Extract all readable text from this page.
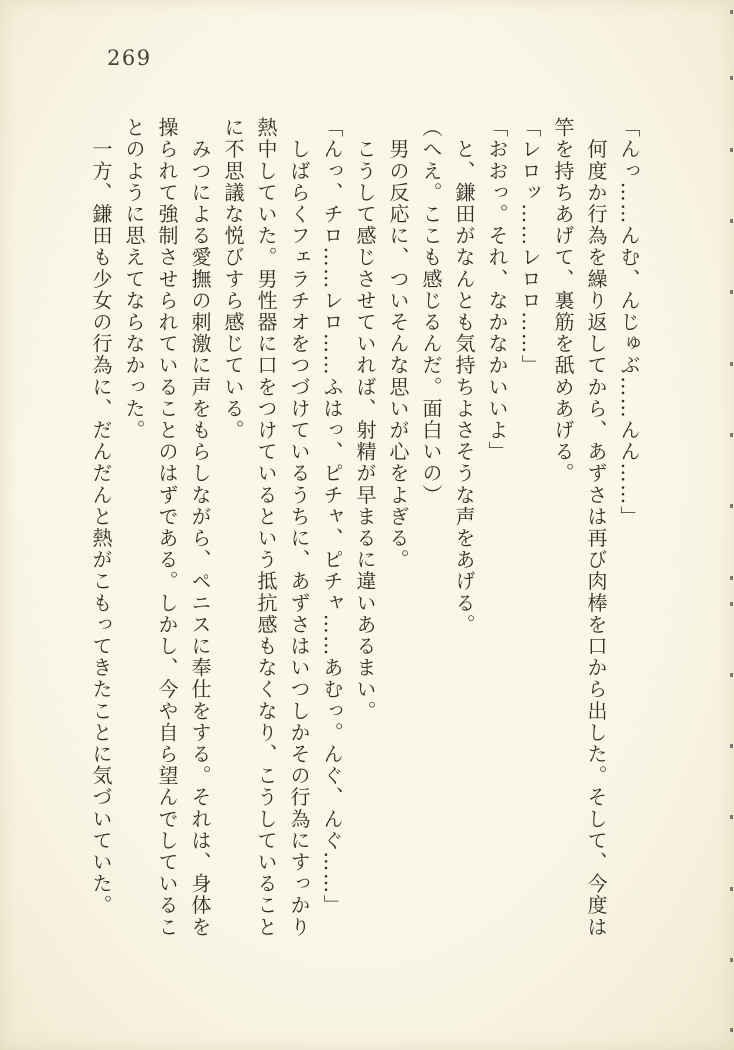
269

「んっ……んむ、んじゅぶ……んん……」

　何度か行為を繰り返してから、あずさは再び肉棒を口から出した。そして、今度は

竿を持ちあげて、裏筋を舐めあげる。

「レロッ……レロロ……」

「おおっ。それ、なかなかいいよ」

　と、鎌田がなんとも気持ちよさそうな声をあげる。

（へえ。ここも感じるんだ。面白いの）

　男の反応に、ついそんな思いが心をよぎる。

　こうして感じさせていれば、射精が早まるに違いあるまい。

「んっ、チロ……レロ……ふはっ、ピチャ、ピチャ……あむっ。んぐ、んぐ……」

　しばらくフェラチオをつづけているうちに、あずさはいつしかその行為にすっかり

熱中していた。男性器に口をつけているという抵抗感もなくなり、こうしていること

に不思議な悦びすら感じている。

　みつによる愛撫の刺激に声をもらしながら、ペニスに奉仕をする。それは、身体を

操られて強制させられていることのはずである。しかし、今や自ら望んでしているこ

とのように思えてならなかった。

　一方、鎌田も少女の行為に、だんだんと熱がこもってきたことに気づいていた。
